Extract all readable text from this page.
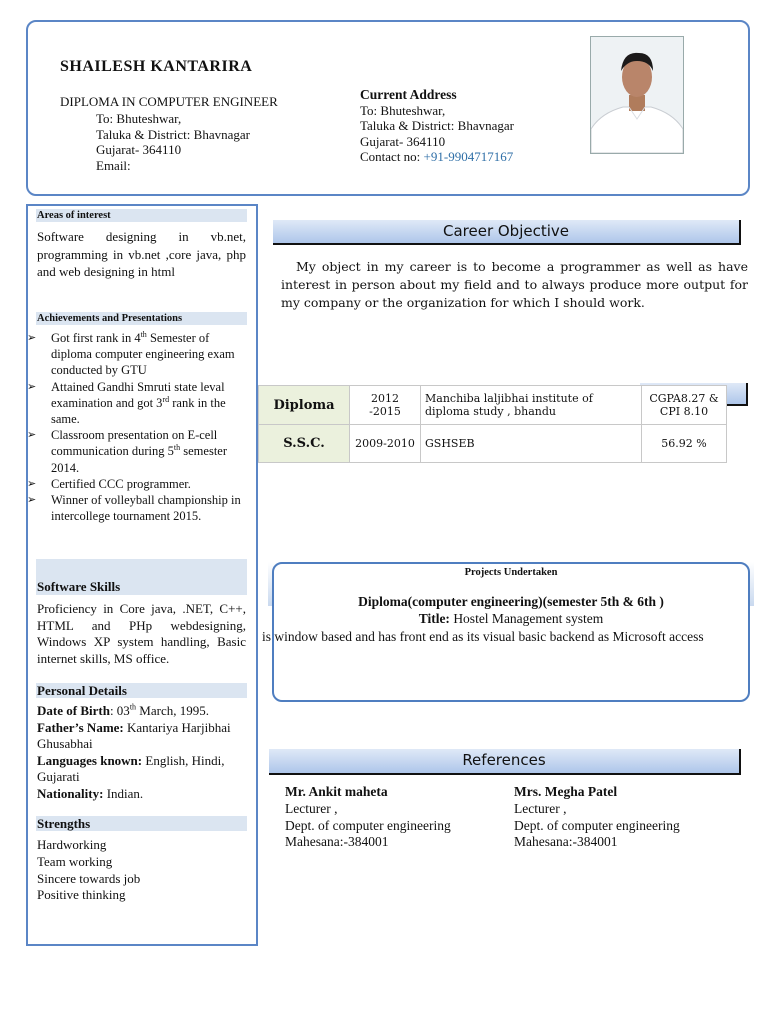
SHAILESH KANTARIRA
DIPLOMA IN COMPUTER ENGINEER
To: Bhuteshwar,
Taluka & District: Bhavnagar
Gujarat- 364110
Email:
Current Address
To: Bhuteshwar,
Taluka & District: Bhavnagar
Gujarat- 364110
Contact no: +91-9904717167
Areas of interest
Software designing in vb.net, programming in vb.net ,core java, php and web designing in html
Achievements and Presentations
➢ Got first rank in 4th Semester of diploma computer engineering exam conducted by GTU
➢ Attained Gandhi Smruti state leval examination and got 3rd rank in the same.
➢ Classroom presentation on E-cell communication during 5th semester 2014.
➢ Certified CCC programmer.
➢ Winner of volleyball championship in intercollege tournament 2015.
Software Skills
Proficiency in Core java, .NET, C++, HTML and PHp webdesigning, Windows XP system handling, Basic internet skills, MS office.
Personal Details
Date of Birth: 03th March, 1995.
Father’s Name: Kantariya Harjibhai Ghusabhai
Languages known: English, Hindi, Gujarati
Nationality: Indian.
Strengths
Hardworking
Team working
Sincere towards job
Positive thinking
Career Objective
My object in my career is to become a programmer as well as have interest in person about my field and to always produce more output for my company or the organization for which I should work.
Diploma	2012 -2015	Manchiba laljibhai institute of diploma study , bhandu	CGPA8.27 & CPI 8.10
S.S.C.	2009-2010	GSHSEB	56.92 %
Projects Undertaken
Diploma(computer engineering)(semester 5th & 6th )
Title: Hostel Management system
is window based and has front end as its visual basic backend as Microsoft access
References
Mr. Ankit maheta
Lecturer ,
Dept. of computer engineering
Mahesana:-384001
Mrs. Megha Patel
Lecturer ,
Dept. of computer engineering
Mahesana:-384001
